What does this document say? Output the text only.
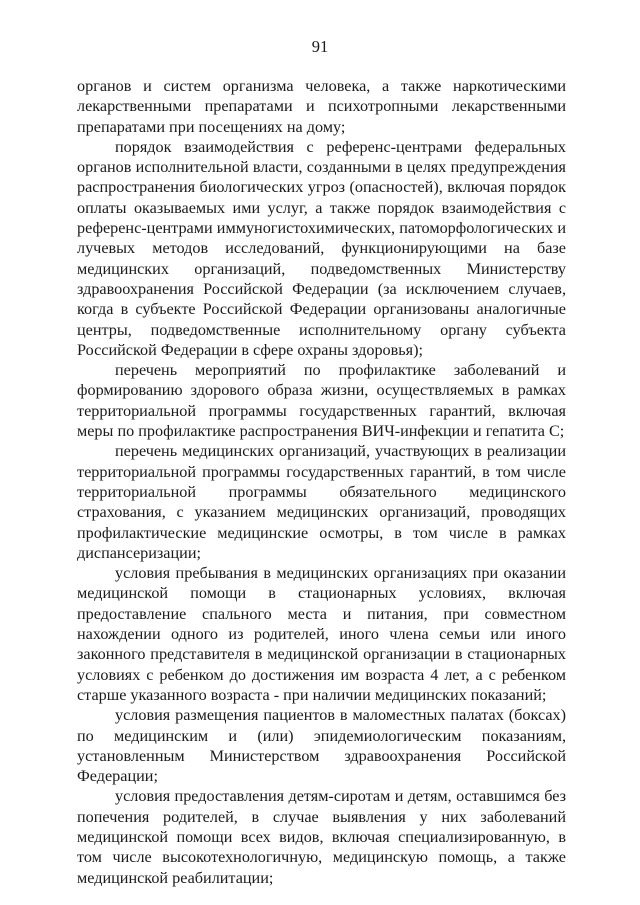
91

органов и систем организма человека, а также наркотическими лекарственными препаратами и психотропными лекарственными препаратами при посещениях на дому;

порядок взаимодействия с референс-центрами федеральных органов исполнительной власти, созданными в целях предупреждения распространения биологических угроз (опасностей), включая порядок оплаты оказываемых ими услуг, а также порядок взаимодействия с референс-центрами иммуногистохимических, патоморфологических и лучевых методов исследований, функционирующими на базе медицинских организаций, подведомственных Министерству здравоохранения Российской Федерации (за исключением случаев, когда в субъекте Российской Федерации организованы аналогичные центры, подведомственные исполнительному органу субъекта Российской Федерации в сфере охраны здоровья);

перечень мероприятий по профилактике заболеваний и формированию здорового образа жизни, осуществляемых в рамках территориальной программы государственных гарантий, включая меры по профилактике распространения ВИЧ-инфекции и гепатита С;

перечень медицинских организаций, участвующих в реализации территориальной программы государственных гарантий, в том числе территориальной программы обязательного медицинского страхования, с указанием медицинских организаций, проводящих профилактические медицинские осмотры, в том числе в рамках диспансеризации;

условия пребывания в медицинских организациях при оказании медицинской помощи в стационарных условиях, включая предоставление спального места и питания, при совместном нахождении одного из родителей, иного члена семьи или иного законного представителя в медицинской организации в стационарных условиях с ребенком до достижения им возраста 4 лет, а с ребенком старше указанного возраста - при наличии медицинских показаний;

условия размещения пациентов в маломестных палатах (боксах) по медицинским и (или) эпидемиологическим показаниям, установленным Министерством здравоохранения Российской Федерации;

условия предоставления детям-сиротам и детям, оставшимся без попечения родителей, в случае выявления у них заболеваний медицинской помощи всех видов, включая специализированную, в том числе высокотехнологичную, медицинскую помощь, а также медицинской реабилитации;
